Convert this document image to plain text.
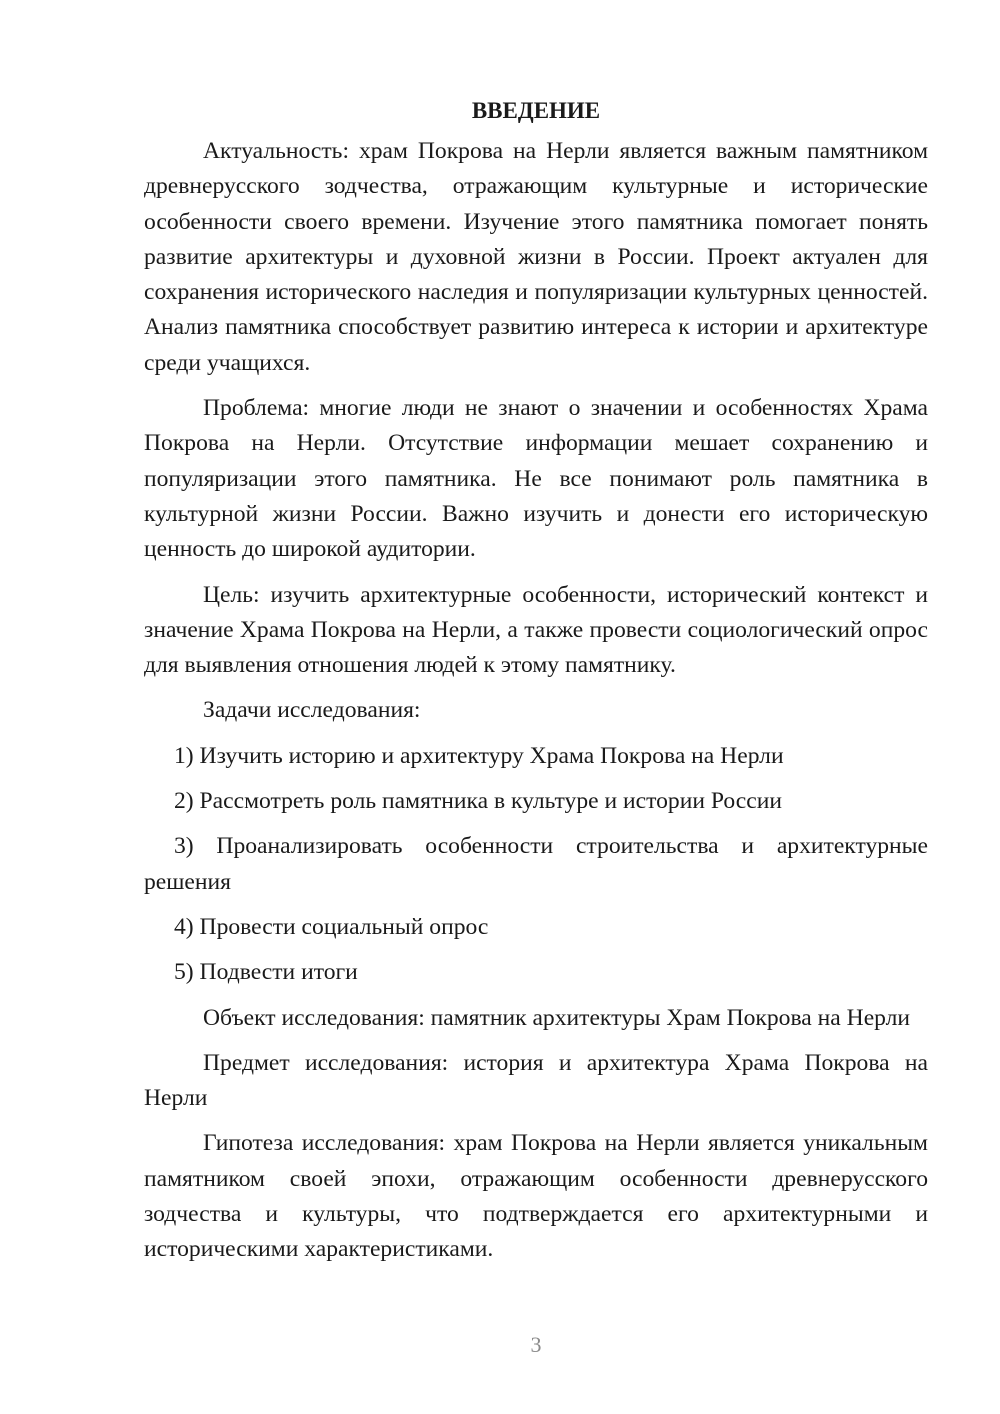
ВВЕДЕНИЕ

Актуальность: храм Покрова на Нерли является важным памятником древнерусского зодчества, отражающим культурные и исторические особенности своего времени. Изучение этого памятника помогает понять развитие архитектуры и духовной жизни в России. Проект актуален для сохранения исторического наследия и популяризации культурных ценностей. Анализ памятника способствует развитию интереса к истории и архитектуре среди учащихся.

Проблема: многие люди не знают о значении и особенностях Храма Покрова на Нерли. Отсутствие информации мешает сохранению и популяризации этого памятника. Не все понимают роль памятника в культурной жизни России. Важно изучить и донести его историческую ценность до широкой аудитории.

Цель: изучить архитектурные особенности, исторический контекст и значение Храма Покрова на Нерли, а также провести социологический опрос для выявления отношения людей к этому памятнику.

Задачи исследования:

1) Изучить историю и архитектуру Храма Покрова на Нерли

2) Рассмотреть роль памятника в культуре и истории России

3) Проанализировать особенности строительства и архитектурные решения

4) Провести социальный опрос

5) Подвести итоги

Объект исследования: памятник архитектуры Храм Покрова на Нерли

Предмет исследования: история и архитектура Храма Покрова на Нерли

Гипотеза исследования: храм Покрова на Нерли является уникальным памятником своей эпохи, отражающим особенности древнерусского зодчества и культуры, что подтверждается его архитектурными и историческими характеристиками.

3
